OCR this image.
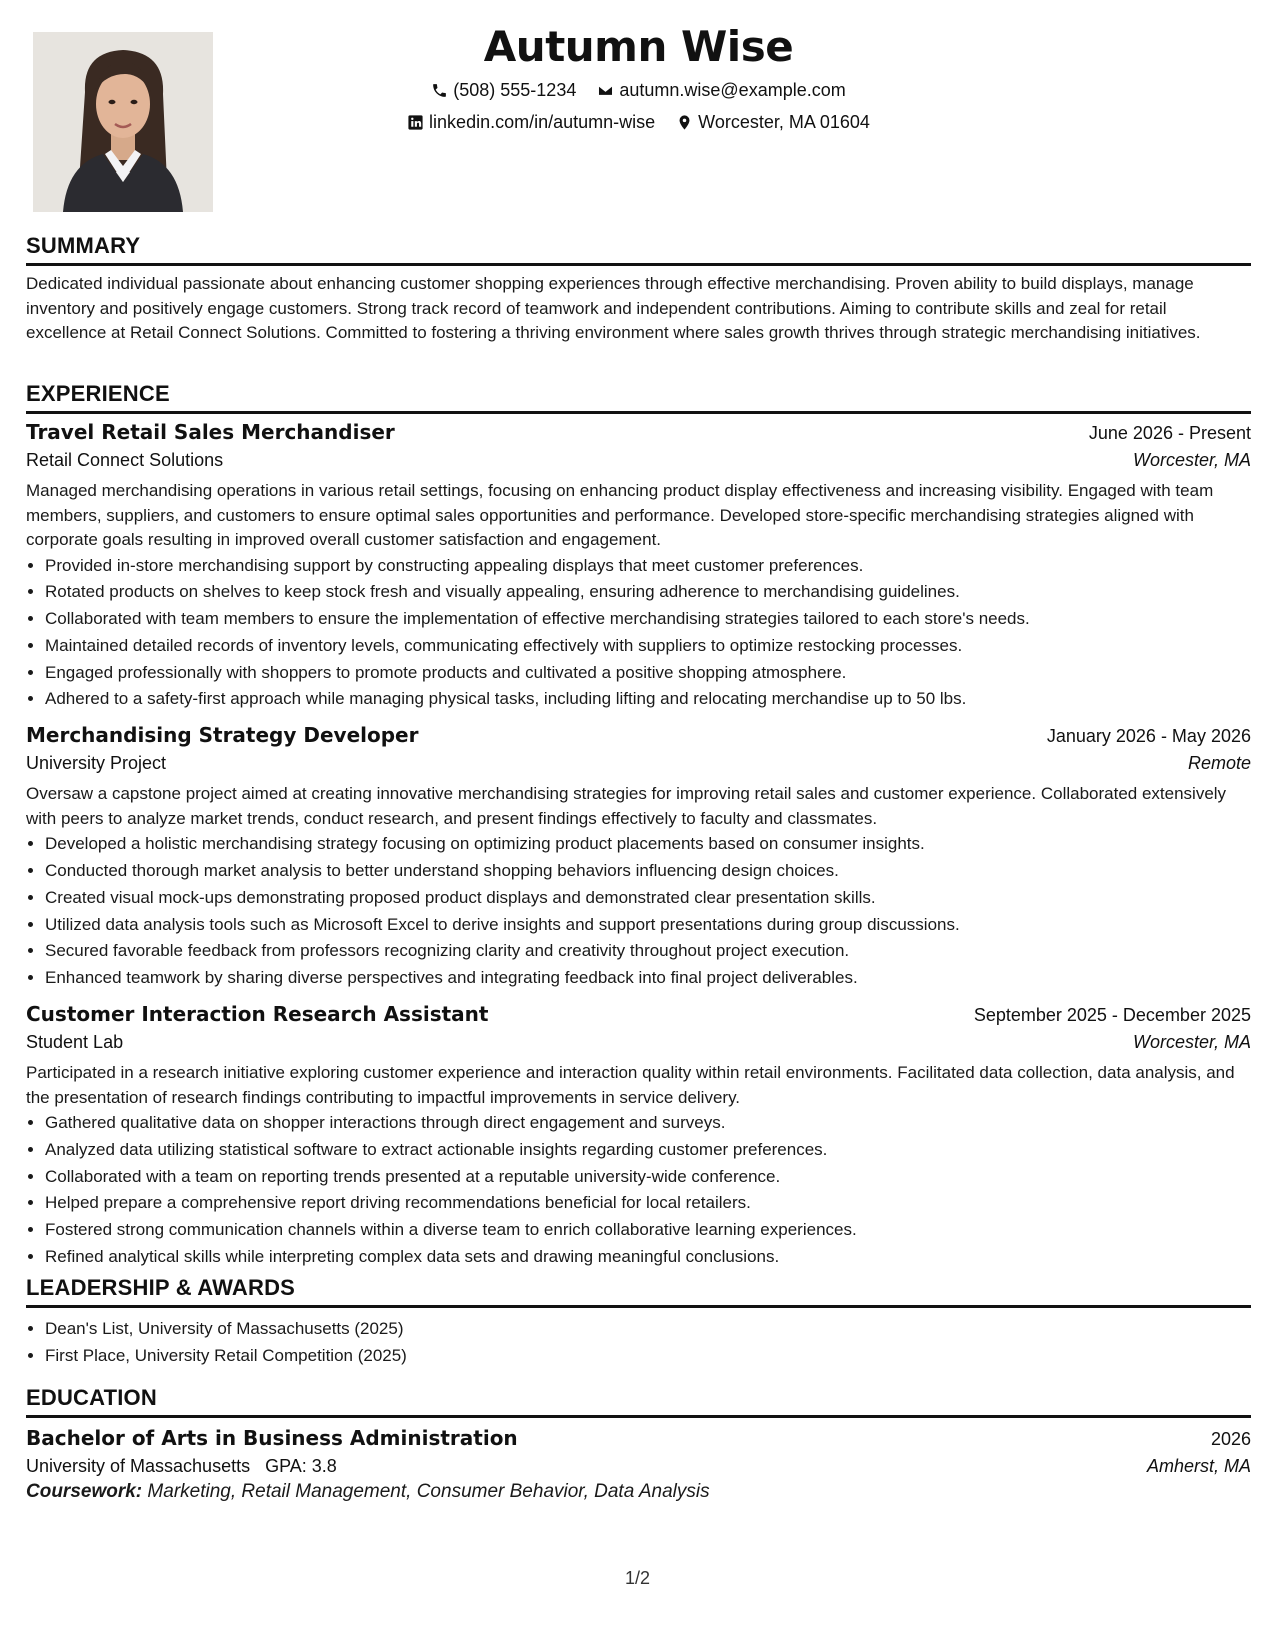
Autumn Wise
(508) 555-1234
autumn.wise@example.com
linkedin.com/in/autumn-wise
Worcester, MA 01604
SUMMARY
Dedicated individual passionate about enhancing customer shopping experiences through effective merchandising. Proven ability to build displays, manage inventory and positively engage customers. Strong track record of teamwork and independent contributions. Aiming to contribute skills and zeal for retail excellence at Retail Connect Solutions. Committed to fostering a thriving environment where sales growth thrives through strategic merchandising initiatives.
EXPERIENCE
Travel Retail Sales Merchandiser	June 2026 - Present
Retail Connect Solutions	Worcester, MA
Managed merchandising operations in various retail settings, focusing on enhancing product display effectiveness and increasing visibility. Engaged with team members, suppliers, and customers to ensure optimal sales opportunities and performance. Developed store-specific merchandising strategies aligned with corporate goals resulting in improved overall customer satisfaction and engagement.
• Provided in-store merchandising support by constructing appealing displays that meet customer preferences.
• Rotated products on shelves to keep stock fresh and visually appealing, ensuring adherence to merchandising guidelines.
• Collaborated with team members to ensure the implementation of effective merchandising strategies tailored to each store's needs.
• Maintained detailed records of inventory levels, communicating effectively with suppliers to optimize restocking processes.
• Engaged professionally with shoppers to promote products and cultivated a positive shopping atmosphere.
• Adhered to a safety-first approach while managing physical tasks, including lifting and relocating merchandise up to 50 lbs.
Merchandising Strategy Developer	January 2026 - May 2026
University Project	Remote
Oversaw a capstone project aimed at creating innovative merchandising strategies for improving retail sales and customer experience. Collaborated extensively with peers to analyze market trends, conduct research, and present findings effectively to faculty and classmates.
• Developed a holistic merchandising strategy focusing on optimizing product placements based on consumer insights.
• Conducted thorough market analysis to better understand shopping behaviors influencing design choices.
• Created visual mock-ups demonstrating proposed product displays and demonstrated clear presentation skills.
• Utilized data analysis tools such as Microsoft Excel to derive insights and support presentations during group discussions.
• Secured favorable feedback from professors recognizing clarity and creativity throughout project execution.
• Enhanced teamwork by sharing diverse perspectives and integrating feedback into final project deliverables.
Customer Interaction Research Assistant	September 2025 - December 2025
Student Lab	Worcester, MA
Participated in a research initiative exploring customer experience and interaction quality within retail environments. Facilitated data collection, data analysis, and the presentation of research findings contributing to impactful improvements in service delivery.
• Gathered qualitative data on shopper interactions through direct engagement and surveys.
• Analyzed data utilizing statistical software to extract actionable insights regarding customer preferences.
• Collaborated with a team on reporting trends presented at a reputable university-wide conference.
• Helped prepare a comprehensive report driving recommendations beneficial for local retailers.
• Fostered strong communication channels within a diverse team to enrich collaborative learning experiences.
• Refined analytical skills while interpreting complex data sets and drawing meaningful conclusions.
LEADERSHIP & AWARDS
• Dean's List, University of Massachusetts (2025)
• First Place, University Retail Competition (2025)
EDUCATION
Bachelor of Arts in Business Administration	2026
University of Massachusetts GPA: 3.8	Amherst, MA
Coursework: Marketing, Retail Management, Consumer Behavior, Data Analysis
1/2
